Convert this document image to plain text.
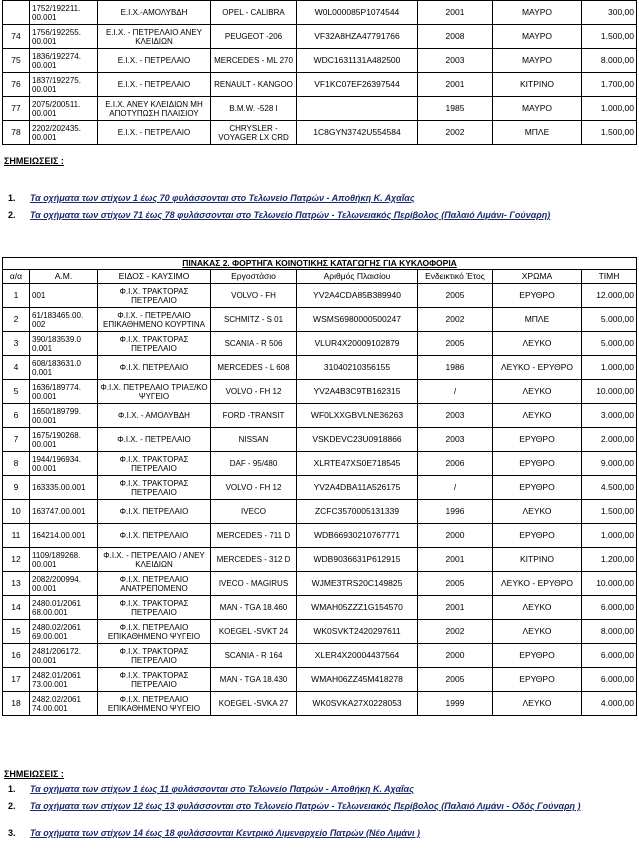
	1752/192211.
00.001	Ε.Ι.Χ.-ΑΜΟΛΥΒΔΗ	OPEL - CALIBRA	W0L000085P1074544	2001	ΜΑΥΡΟ	300,00
74	1756/192255.
00.001	Ε.Ι.Χ. - ΠΕΤΡΕΛΑΙΟ ΑΝΕΥ ΚΛΕΙΔΙΩΝ	PEUGEOT -206	VF32A8HZA47791766	2008	ΜΑΥΡΟ	1.500,00
75	1836/192274.
00.001	Ε.Ι.Χ. - ΠΕΤΡΕΛΑΙΟ	MERCEDES - ML 270	WDC1631131A482500	2003	ΜΑΥΡΟ	8.000,00
76	1837/192275.
00.001	Ε.Ι.Χ. - ΠΕΤΡΕΛΑΙΟ	RENAULT - KANGOO	VF1KC07EF26397544	2001	ΚΙΤΡΙΝΟ	1.700,00
77	2075/200511.
00.001	Ε.Ι.Χ. ΑΝΕΥ ΚΛΕΙΔΙΩΝ ΜΗ ΑΠΟΤΥΠΩΣΗ ΠΛΑΙΣΙΟΥ	B.M.W. -528 I		1985	ΜΑΥΡΟ	1.000,00
78	2202/202435.
00.001	Ε.Ι.Χ. - ΠΕΤΡΕΛΑΙΟ	CHRYSLER - VOYAGER LX CRD	1C8GYN3742U554584	2002	ΜΠΛΕ	1.500,00
ΣΗΜΕΙΩΣΕΙΣ :
1. Τα οχήματα των στίχων 1 έως 70 φυλάσσονται στο Τελωνείο Πατρών - Αποθήκη Κ. Αχαΐας
2. Τα οχήματα των στίχων 71 έως 78 φυλάσσονται στο Τελωνείο Πατρών - Τελωνειακός Περίβολος (Παλαιό Λιμάνι- Γούναρη)
ΠΙΝΑΚΑΣ 2. ΦΟΡΤΗΓΑ ΚΟΙΝΟΤΙΚΗΣ ΚΑΤΑΓΩΓΗΣ ΓΙΑ ΚΥΚΛΟΦΟΡΙΑ							
α/α	Α.Μ.	ΕΙΔΟΣ - ΚΑΥΣΙΜΟ	Εργοστάσιο	Αριθμός Πλαισίου	Ενδεικτικό Έτος	ΧΡΩΜΑ	ΤΙΜΗ
1	001	Φ.Ι.Χ. ΤΡΑΚΤΟΡΑΣ ΠΕΤΡΕΛΑΙΟ	VOLVO - FH	YV2A4CDA85B389940	2005	ΕΡΥΘΡΟ	12.000,00
2	61/183465.00.
002	Φ.Ι.Χ. - ΠΕΤΡΕΛΑΙΟ ΕΠΙΚΑΘΗΜΕΝΟ ΚΟΥΡΤΙΝΑ	SCHMITZ - S 01	WSMS6980000500247	2002	ΜΠΛΕ	5.000,00
3	390/183539.0
0.001	Φ.Ι.Χ. ΤΡΑΚΤΟΡΑΣ ΠΕΤΡΕΛΑΙΟ	SCANIA - R 506	VLUR4X20009102879	2005	ΛΕΥΚΟ	5.000,00
4	608/183631.0
0.001	Φ.Ι.Χ. ΠΕΤΡΕΛΑΙΟ	MERCEDES - L 608	31040210356155	1986	ΛΕΥΚΟ - ΕΡΥΘΡΟ	1.000,00
5	1636/189774.
00.001	Φ.Ι.Χ. ΠΕΤΡΕΛΑΙΟ ΤΡΙΑΞ/ΚΟ ΨΥΓΕΙΟ	VOLVO - FH 12	YV2A4B3C9TB162315	/	ΛΕΥΚΟ	10.000,00
6	1650/189799.
00.001	Φ.Ι.Χ. - ΑΜΟΛΥΒΔΗ	FORD -TRANSIT	WF0LXXGBVLNE36263	2003	ΛΕΥΚΟ	3.000,00
7	1675/190268.
00.001	Φ.Ι.Χ. - ΠΕΤΡΕΛΑΙΟ	NISSAN	VSKDEVC23U0918866	2003	ΕΡΥΘΡΟ	2.000,00
8	1944/196934.
00.001	Φ.Ι.Χ. ΤΡΑΚΤΟΡΑΣ ΠΕΤΡΕΛΑΙΟ	DAF - 95/480	XLRTE47XS0E718545	2006	ΕΡΥΘΡΟ	9.000,00
9	163335.00.001	Φ.Ι.Χ. ΤΡΑΚΤΟΡΑΣ ΠΕΤΡΕΛΑΙΟ	VOLVO - FH 12	YV2A4DBA11A526175	/	ΕΡΥΘΡΟ	4.500,00
10	163747.00.001	Φ.Ι.Χ. ΠΕΤΡΕΛΑΙΟ	IVECO	ZCFC3570005131339	1996	ΛΕΥΚΟ	1.500,00
11	164214.00.001	Φ.Ι.Χ. ΠΕΤΡΕΛΑΙΟ	MERCEDES - 711 D	WDB66930210767771	2000	ΕΡΥΘΡΟ	1.000,00
12	1109/189268.
00.001	Φ.Ι.Χ. - ΠΕΤΡΕΛΑΙΟ / ΑΝΕΥ ΚΛΕΙΔΙΩΝ	MERCEDES - 312 D	WDB9036631P612915	2001	ΚΙΤΡΙΝΟ	1.200,00
13	2082/200994.
00.001	Φ.Ι.Χ. ΠΕΤΡΕΛΑΙΟ ΑΝΑΤΡΕΠΟΜΕΝΟ	IVECO - MAGIRUS	WJME3TRS20C149825	2005	ΛΕΥΚΟ - ΕΡΥΘΡΟ	10.000,00
14	2480.01/2061
68.00.001	Φ.Ι.Χ. ΤΡΑΚΤΟΡΑΣ ΠΕΤΡΕΛΑΙΟ	MAN - TGA 18.460	WMAH05ZZZ1G154570	2001	ΛΕΥΚΟ	6.000,00
15	2480.02/2061
69.00.001	Φ.Ι.Χ. ΠΕΤΡΕΛΑΙΟ ΕΠΙΚΑΘΗΜΕΝΟ ΨΥΓΕΙΟ	KOEGEL -SVKT 24	WK0SVKT2420297611	2002	ΛΕΥΚΟ	8.000,00
16	2481/206172.
00.001	Φ.Ι.Χ. ΤΡΑΚΤΟΡΑΣ ΠΕΤΡΕΛΑΙΟ	SCANIA - R 164	XLER4X20004437564	2000	ΕΡΥΘΡΟ	6.000,00
17	2482.01/2061
73.00.001	Φ.Ι.Χ. ΤΡΑΚΤΟΡΑΣ ΠΕΤΡΕΛΑΙΟ	MAN - TGA 18.430	WMAH06ZZ45M418278	2005	ΕΡΥΘΡΟ	6.000,00
18	2482.02/2061
74.00.001	Φ.Ι.Χ. ΠΕΤΡΕΛΑΙΟ ΕΠΙΚΑΘΗΜΕΝΟ ΨΥΓΕΙΟ	KOEGEL -SVKA 27	WK0SVKA27X0228053	1999	ΛΕΥΚΟ	4.000,00
ΣΗΜΕΙΩΣΕΙΣ :
1. Τα οχήματα των στίχων 1 έως 11 φυλάσσονται στο Τελωνείο Πατρών - Αποθήκη Κ. Αχαΐας
2. Τα οχήματα των στίχων 12 έως 13 φυλάσσονται στο Τελωνείο Πατρών - Τελωνειακός Περίβολος (Παλαιό Λιμάνι - Οδός Γούναρη )
3. Τα οχήματα των στίχων 14 έως 18 φυλάσσονται Κεντρικό Λιμεναρχείο Πατρών (Νέο Λιμάνι )
